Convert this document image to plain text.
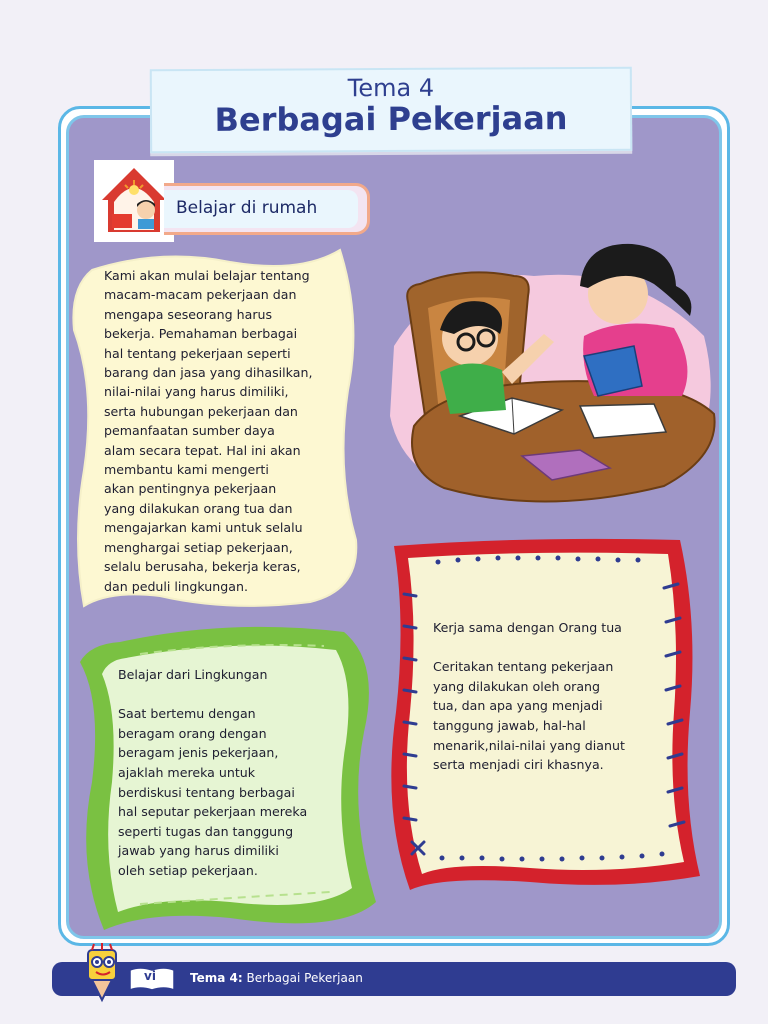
Tema 4
Berbagai Pekerjaan
Belajar di rumah

Kami akan mulai belajar tentang

macam-macam pekerjaan dan

mengapa seseorang harus

bekerja. Pemahaman berbagai

hal tentang pekerjaan seperti

barang dan jasa yang dihasilkan,

nilai-nilai yang harus dimiliki,

serta hubungan pekerjaan dan

pemanfaatan sumber daya

alam secara tepat. Hal ini akan

membantu kami mengerti

akan pentingnya pekerjaan

yang dilakukan orang tua dan

mengajarkan kami untuk selalu

menghargai setiap pekerjaan,

selalu berusaha, bekerja keras,

dan peduli lingkungan.

Belajar dari Lingkungan

Saat bertemu dengan

beragam orang dengan

beragam jenis pekerjaan,

ajaklah mereka untuk

berdiskusi tentang berbagai

hal seputar pekerjaan mereka

seperti tugas dan tanggung

jawab yang harus dimiliki

oleh setiap pekerjaan.

Kerja sama dengan Orang tua

Ceritakan tentang pekerjaan

yang dilakukan oleh orang

tua, dan apa yang menjadi

tanggung jawab, hal-hal

menarik,nilai-nilai yang dianut

serta menjadi ciri khasnya.

vi	Tema 4: Berbagai Pekerjaan
